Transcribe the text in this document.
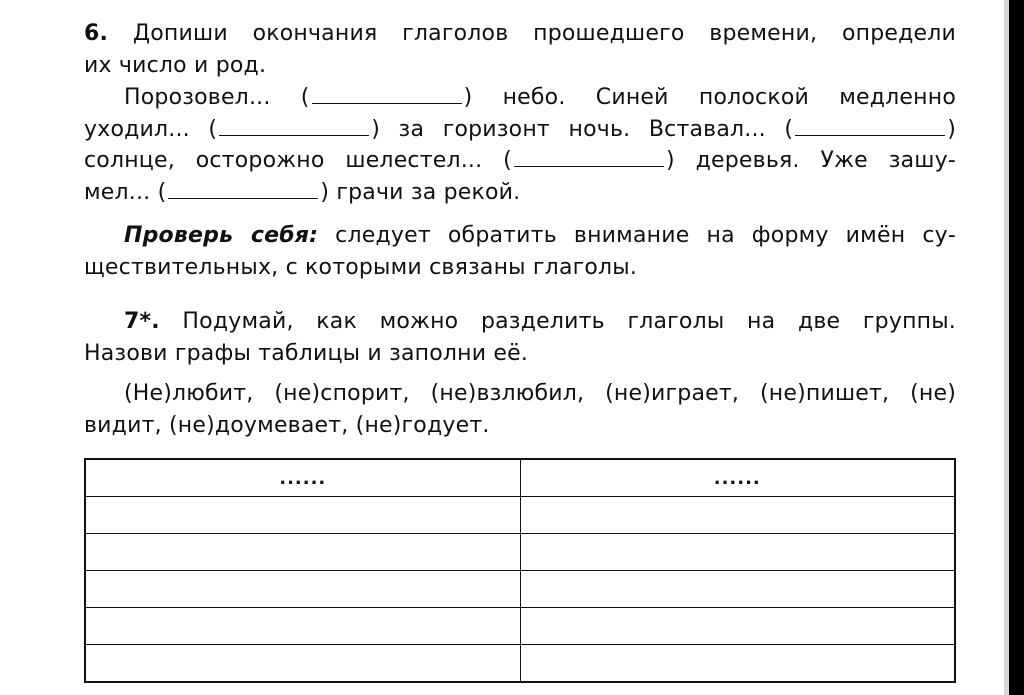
6. Допиши окончания глаголов прошедшего времени, определи
их число и род.
Порозовел... (	) небо. Синей полоской медленно
уходил... (	) за горизонт ночь. Вставал... (	)
солнце, осторожно шелестел... (	) деревья. Уже зашу-
мел... (	) грачи за рекой.
Проверь себя: следует обратить внимание на форму имён су-
ществительных, с которыми связаны глаголы.
7*. Подумай, как можно разделить глаголы на две группы.
Назови графы таблицы и заполни её.
(Не)любит, (не)спорит, (не)взлюбил, (не)играет, (не)пишет, (не)
видит, (не)доумевает, (не)годует.
......	......
